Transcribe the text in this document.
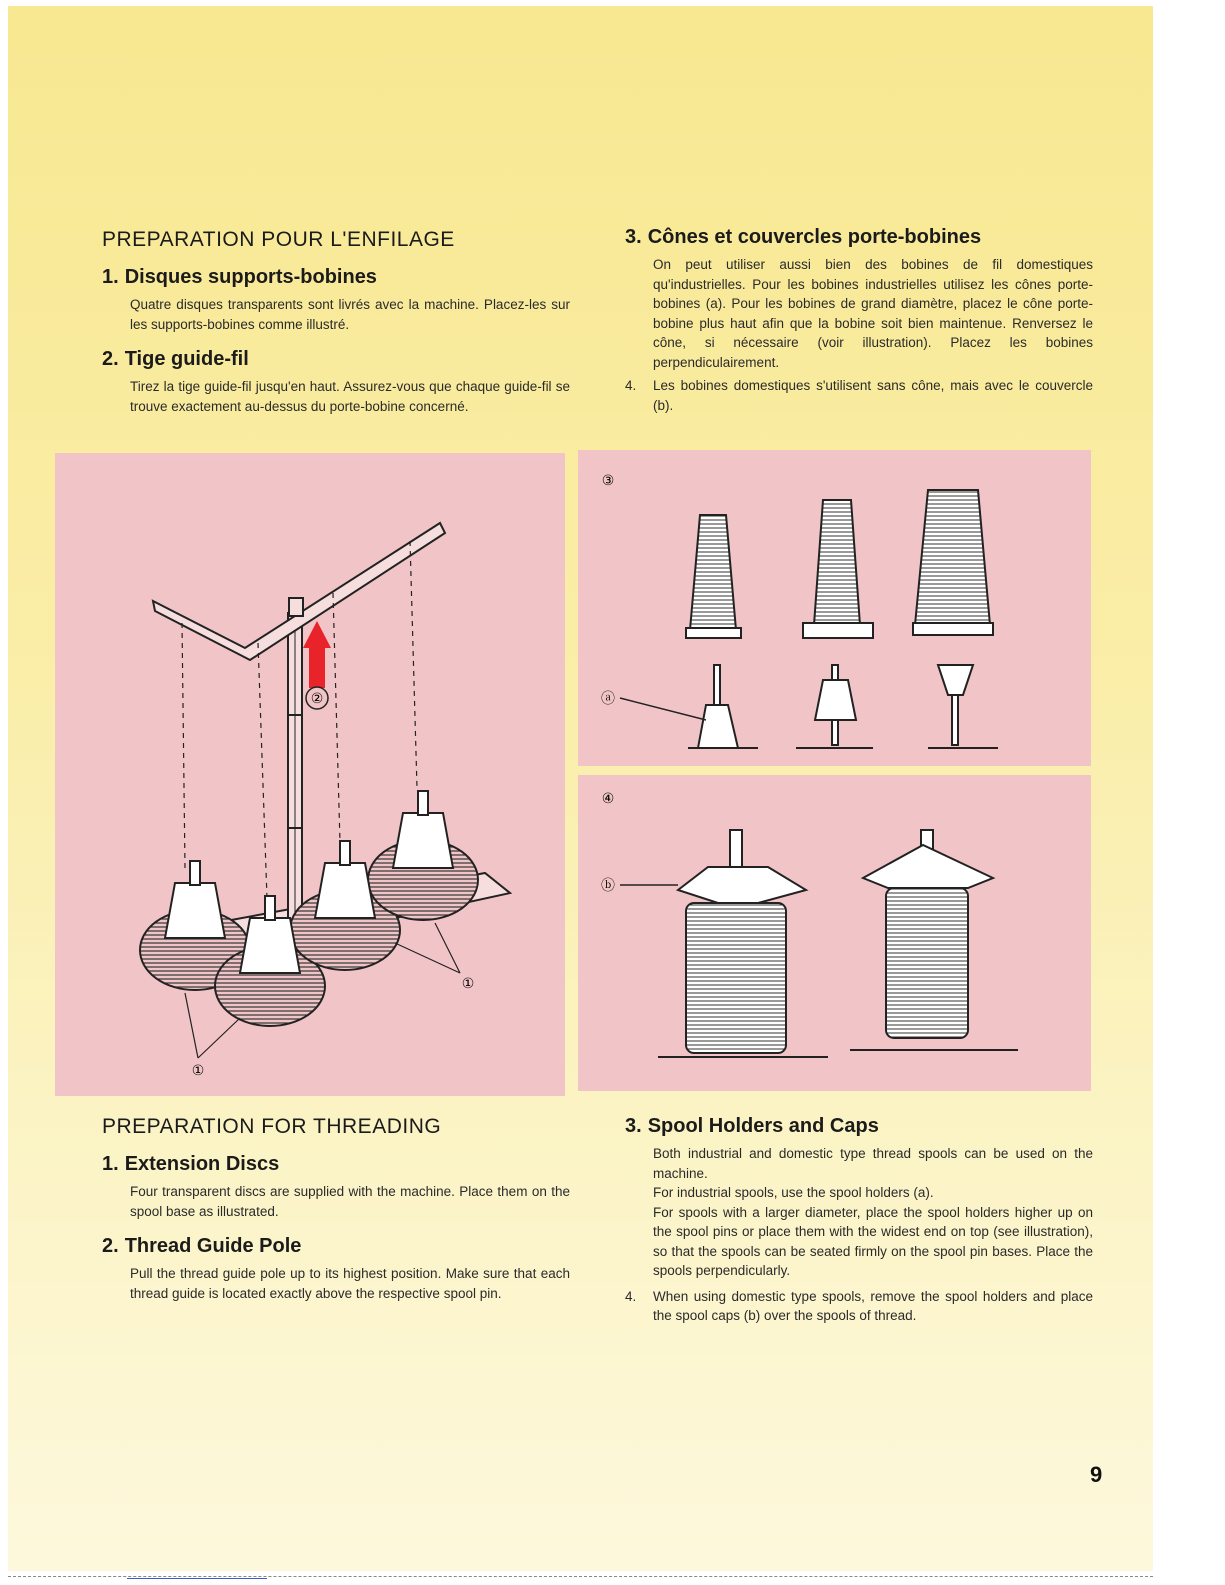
PREPARATION POUR L'ENFILAGE
1. Disques supports-bobines

Quatre disques transparents sont livrés avec la machine. Placez-les sur les supports-bobines comme illustré.

2. Tige guide-fil

Tirez la tige guide-fil jusqu'en haut. Assurez-vous que chaque guide-fil se trouve exactement au-dessus du porte-bobine concerné.

3. Cônes et couvercles porte-bobines

On peut utiliser aussi bien des bobines de fil domestiques qu'industrielles. Pour les bobines industrielles utilisez les cônes porte-bobines (a). Pour les bobines de grand diamètre, placez le cône porte-bobine plus haut afin que la bobine soit bien maintenue. Renversez le cône, si nécessaire (voir illustration). Placez les bobines perpendiculairement.

4.	Les bobines domestiques s'utilisent sans cône, mais avec le couvercle (b).
②
①
①
③
ⓐ
④
ⓑ
PREPARATION FOR THREADING
1. Extension Discs

Four transparent discs are supplied with the machine. Place them on the spool base as illustrated.

2. Thread Guide Pole

Pull the thread guide pole up to its highest position. Make sure that each thread guide is located exactly above the respective spool pin.

3. Spool Holders and Caps

Both industrial and domestic type thread spools can be used on the machine.

For industrial spools, use the spool holders (a).

For spools with a larger diameter, place the spool holders higher up on the spool pins or place them with the widest end on top (see illustration), so that the spools can be seated firmly on the spool pin bases. Place the spools perpendicularly.

4.	When using domestic type spools, remove the spool holders and place the spool caps (b) over the spools of thread.
9
